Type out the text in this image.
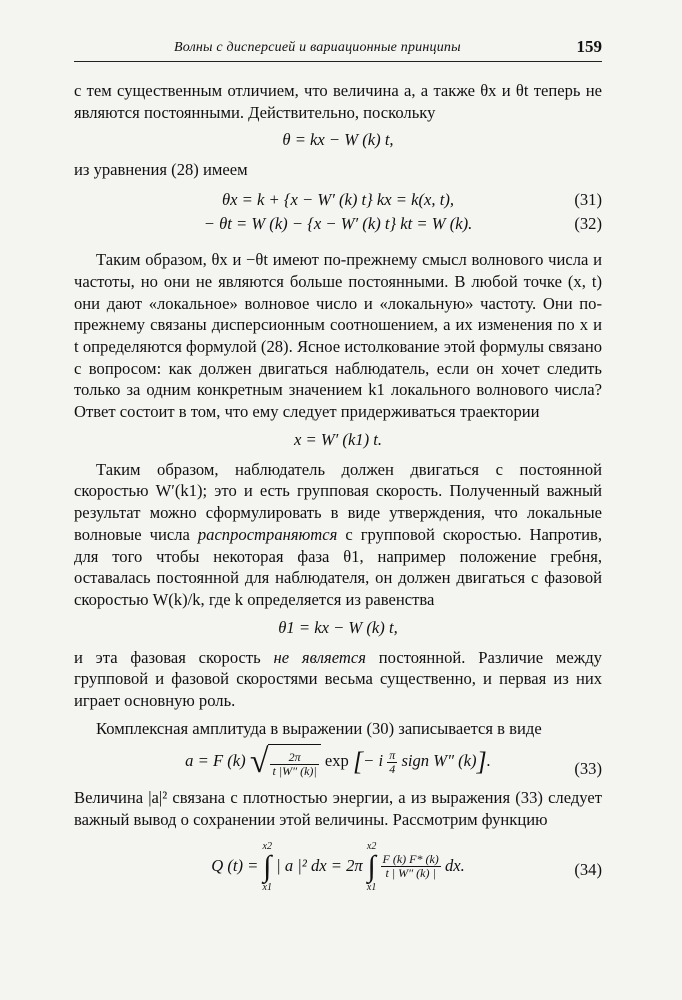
Волны с дисперсией и вариационные принципы	159

с тем существенным отличием, что величина a, а также θx и θt теперь не являются постоянными. Действительно, поскольку

θ = kx − W (k) t,

из уравнения (28) имеем

θx = k + {x − W′ (k) t} kx = k(x, t),	(31)
− θt = W (k) − {x − W′ (k) t} kt = W (k).	(32)

Таким образом, θx и −θt имеют по-прежнему смысл волнового числа и частоты, но они не являются больше постоянными. В любой точке (x, t) они дают «локальное» волновое число и «локальную» частоту. Они по-прежнему связаны дисперсионным соотношением, а их изменения по x и t определяются формулой (28). Ясное истолкование этой формулы связано с вопросом: как должен двигаться наблюдатель, если он хочет следить только за одним конкретным значением k1 локального волнового числа? Ответ состоит в том, что ему следует придерживаться траектории

x = W′ (k1) t.

Таким образом, наблюдатель должен двигаться с постоянной скоростью W′(k1); это и есть групповая скорость. Полученный важный результат можно сформулировать в виде утверждения, что локальные волновые числа распространяются с групповой скоростью. Напротив, для того чтобы некоторая фаза θ1, например положение гребня, оставалась постоянной для наблюдателя, он должен двигаться с фазовой скоростью W(k)/k, где k определяется из равенства

θ1 = kx − W (k) t,

и эта фазовая скорость не является постоянной. Различие между групповой и фазовой скоростями весьма существенно, и первая из них играет основную роль.

Комплексная амплитуда в выражении (30) записывается в виде

a = F (k) √ $\frac{2\pi}{t |W'' (k)|}$ exp [− i $\frac{\pi}{4}$ sign W″ (k)].	(33)

Величина |a|² связана с плотностью энергии, а из выражения (33) следует важный вывод о сохранении этой величины. Рассмотрим функцию

Q (t) = x2
∫
x1 | a |² dx = 2π x2
∫
x1
$\frac{F (k) F* (k)}{t | W'' (k) |}$ dx.	(34)
